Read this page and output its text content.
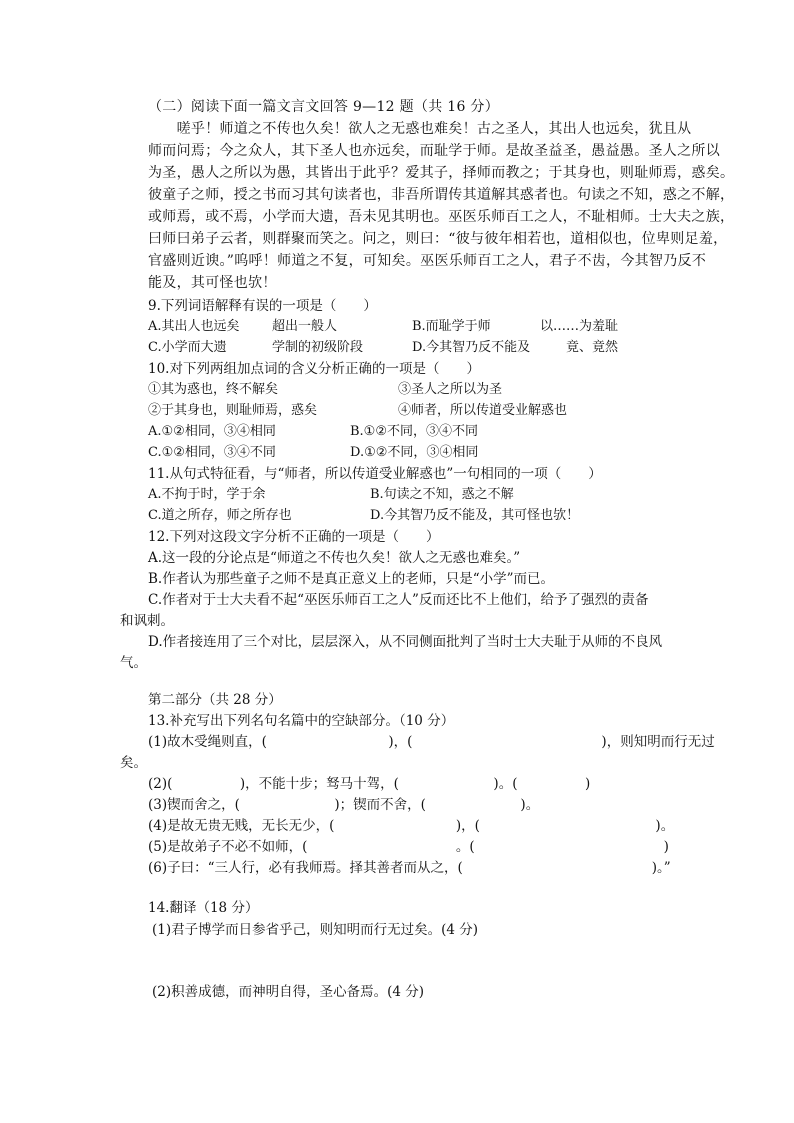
（二）阅读下面一篇文言文回答 9—12 题（共 16 分）
　　嗟乎！师道之不传也久矣！欲人之无惑也难矣！古之圣人，其出人也远矣，犹且从
师而问焉；今之众人，其下圣人也亦远矣，而耻学于师。是故圣益圣，愚益愚。圣人之所以
为圣，愚人之所以为愚，其皆出于此乎？爱其子，择师而教之；于其身也，则耻师焉，惑矣。
彼童子之师，授之书而习其句读者也，非吾所谓传其道解其惑者也。句读之不知，惑之不解，
或师焉，或不焉，小学而大遗，吾未见其明也。巫医乐师百工之人，不耻相师。士大夫之族，
曰师曰弟子云者，则群聚而笑之。问之，则曰：“彼与彼年相若也，道相似也，位卑则足羞，
官盛则近谀。”呜呼！师道之不复，可知矣。巫医乐师百工之人，君子不齿，今其智乃反不
能及，其可怪也欤！
9.下列词语解释有误的一项是（　　）
A.其出人也远矣 超出一般人	B.而耻学于师	以……为羞耻
C.小学而大遗	学制的初级阶段	D.今其智乃反不能及	竟、竟然
10.对下列两组加点词的含义分析正确的一项是（　　）
①其为惑也，终不解矣	③圣人之所以为圣
②于其身也，则耻师焉，惑矣	④师者，所以传道受业解惑也
A.①②相同，③④相同	B.①②不同，③④不同
C.①②相同，③④不同	D.①②不同，③④相同
11.从句式特征看，与“师者，所以传道受业解惑也”一句相同的一项（　　）
A.不拘于时，学于余	B.句读之不知，惑之不解
C.道之所存，师之所存也	D.今其智乃反不能及，其可怪也欤！
12.下列对这段文字分析不正确的一项是（　　）
A.这一段的分论点是“师道之不传也久矣！欲人之无惑也难矣。”
B.作者认为那些童子之师不是真正意义上的老师，只是“小学”而已。
C.作者对于士大夫看不起“巫医乐师百工之人”反而还比不上他们，给予了强烈的责备
和讽刺。
D.作者接连用了三个对比，层层深入，从不同侧面批判了当时士大夫耻于从师的不良风
气。
第二部分（共 28 分）
13.补充写出下列名句名篇中的空缺部分。（10 分）
(1)故木受绳则直，(　　　　　　　　　)，(　　　　　　　　　　　　　　)，则知明而行无过
矣。
(2)(　　　　　)，不能十步；驽马十驾，(　　　　　　　)。(　　　　　)
(3)锲而舍之，(　　　　　　　)；锲而不舍，(　　　　　　　)。
(4)是故无贵无贱，无长无少，(　　　　　　　　　)，(　　　　　　　　　　　　　)。
(5)是故弟子不必不如师，(　　　　　　　　　　　。(　　　　　　　　　　　　　　)
(6)子曰：“三人行，必有我师焉。择其善者而从之，(　　　　　　　　　　　　　　)。”
14.翻译（18 分）
(1)君子博学而日参省乎己，则知明而行无过矣。(4 分)
(2)积善成德，而神明自得，圣心备焉。(4 分)
